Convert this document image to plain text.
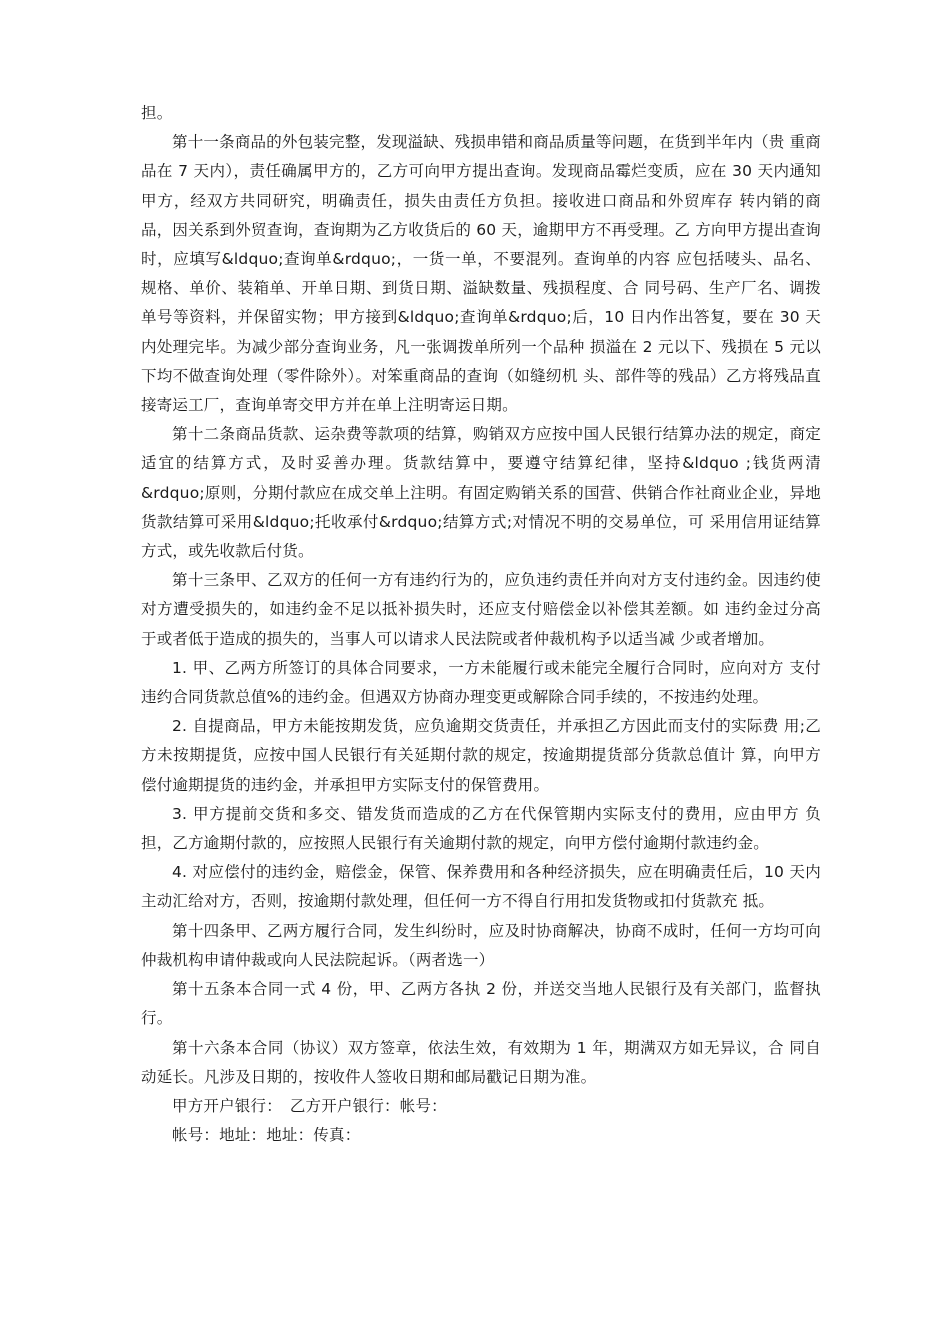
担。

第十一条商品的外包装完整，发现溢缺、残损串错和商品质量等问题，在货到半年内（贵 重商品在 7 天内），责任确属甲方的，乙方可向甲方提出查询。发现商品霉烂变质，应在 30 天内通知甲方，经双方共同研究，明确责任，损失由责任方负担。接收进口商品和外贸库存 转内销的商品，因关系到外贸查询，查询期为乙方收货后的 60 天，逾期甲方不再受理。乙 方向甲方提出查询时，应填写&ldquo;查询单&rdquo;，一货一单，不要混列。查询单的内容 应包括唛头、品名、规格、单价、装箱单、开单日期、到货日期、溢缺数量、残损程度、合 同号码、生产厂名、调拨单号等资料，并保留实物；甲方接到&ldquo;查询单&rdquo;后，10 日内作出答复，要在 30 天内处理完毕。为减少部分查询业务，凡一张调拨单所列一个品种 损溢在 2 元以下、残损在 5 元以下均不做查询处理（零件除外）。对笨重商品的查询（如缝纫机 头、部件等的残品）乙方将残品直接寄运工厂，查询单寄交甲方并在单上注明寄运日期。

第十二条商品货款、运杂费等款项的结算，购销双方应按中国人民银行结算办法的规定，商定适宜的结算方式，及时妥善办理。货款结算中，要遵守结算纪律，坚持&ldquo ;钱货两清&rdquo;原则，分期付款应在成交单上注明。有固定购销关系的国营、供销合作社商业企业，异地货款结算可采用&ldquo;托收承付&rdquo;结算方式;对情况不明的交易单位，可 采用信用证结算方式，或先收款后付货。

第十三条甲、乙双方的任何一方有违约行为的，应负违约责任并向对方支付违约金。因违约使对方遭受损失的，如违约金不足以抵补损失时，还应支付赔偿金以补偿其差额。如 违约金过分高于或者低于造成的损失的，当事人可以请求人民法院或者仲裁机构予以适当减 少或者增加。

1. 甲、乙两方所签订的具体合同要求，一方未能履行或未能完全履行合同时，应向对方 支付违约合同货款总值%的违约金。但遇双方协商办理变更或解除合同手续的，不按违约处理。

2. 自提商品，甲方未能按期发货，应负逾期交货责任，并承担乙方因此而支付的实际费 用;乙方未按期提货，应按中国人民银行有关延期付款的规定，按逾期提货部分货款总值计 算，向甲方偿付逾期提货的违约金，并承担甲方实际支付的保管费用。

3. 甲方提前交货和多交、错发货而造成的乙方在代保管期内实际支付的费用，应由甲方 负担，乙方逾期付款的，应按照人民银行有关逾期付款的规定，向甲方偿付逾期付款违约金。

4. 对应偿付的违约金，赔偿金，保管、保养费用和各种经济损失，应在明确责任后，10 天内主动汇给对方，否则，按逾期付款处理，但任何一方不得自行用扣发货物或扣付货款充 抵。

第十四条甲、乙两方履行合同，发生纠纷时，应及时协商解决，协商不成时，任何一方均可向仲裁机构申请仲裁或向人民法院起诉。（两者选一）

第十五条本合同一式 4 份，甲、乙两方各执 2 份，并送交当地人民银行及有关部门，监督执行。

第十六条本合同（协议）双方签章，依法生效，有效期为 1 年，期满双方如无异议，合 同自动延长。凡涉及日期的，按收件人签收日期和邮局戳记日期为准。

甲方开户银行：　乙方开户银行：帐号：

帐号：地址：地址：传真：
